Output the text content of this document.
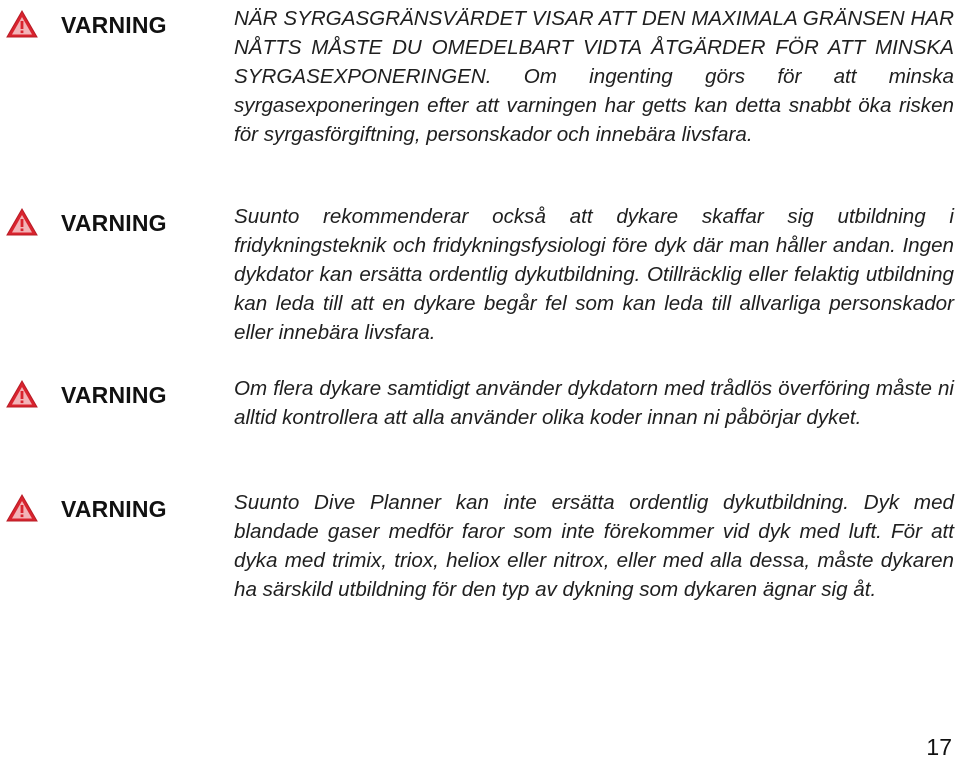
VARNING	NÄR SYRGASGRÄNSVÄRDET VISAR ATT DEN MAXIMALA GRÄNSEN HAR NÅTTS MÅSTE DU OMEDELBART VIDTA ÅTGÄRDER FÖR ATT MINSKA SYRGASEXPONERINGEN. Om ingenting görs för att minska syrgasexponeringen efter att varningen har getts kan detta snabbt öka risken för syrgasförgiftning, personskador och innebära livsfara.
VARNING	Suunto rekommenderar också att dykare skaffar sig utbildning i fridykningsteknik och fridykningsfysiologi före dyk där man håller andan. Ingen dykdator kan ersätta ordentlig dykutbildning. Otillräcklig eller felaktig utbildning kan leda till att en dykare begår fel som kan leda till allvarliga personskador eller innebära livsfara.
VARNING	Om flera dykare samtidigt använder dykdatorn med trådlös överföring måste ni alltid kontrollera att alla använder olika koder innan ni påbörjar dyket.
VARNING	Suunto Dive Planner kan inte ersätta ordentlig dykutbildning. Dyk med blandade gaser medför faror som inte förekommer vid dyk med luft. För att dyka med trimix, triox, heliox eller nitrox, eller med alla dessa, måste dykaren ha särskild utbildning för den typ av dykning som dykaren ägnar sig åt.
17
